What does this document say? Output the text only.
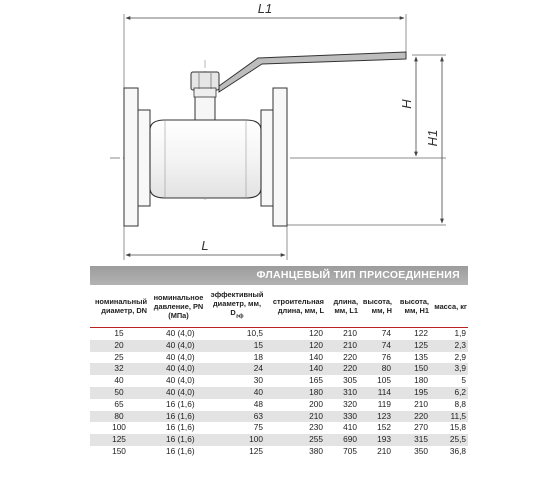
L1
L
H
H1
ФЛАНЦЕВЫЙ ТИП ПРИСОЕДИНЕНИЯ
номинальный диаметр, DN	номинальное давление, PN (МПа)	эффективный диаметр, мм, $D_{эф}$	строительная длина, мм, L	длина, мм, L1	высота, мм, H	высота, мм, H1	масса, кг
15	40 (4,0)	10,5	120	210	74	122	1,9
20	40 (4,0)	15	120	210	74	125	2,3
25	40 (4,0)	18	140	220	76	135	2,9
32	40 (4,0)	24	140	220	80	150	3,9
40	40 (4,0)	30	165	305	105	180	5
50	40 (4,0)	40	180	310	114	195	6,2
65	16 (1,6)	48	200	320	119	210	8,8
80	16 (1,6)	63	210	330	123	220	11,5
100	16 (1,6)	75	230	410	152	270	15,8
125	16 (1,6)	100	255	690	193	315	25,5
150	16 (1,6)	125	380	705	210	350	36,8
